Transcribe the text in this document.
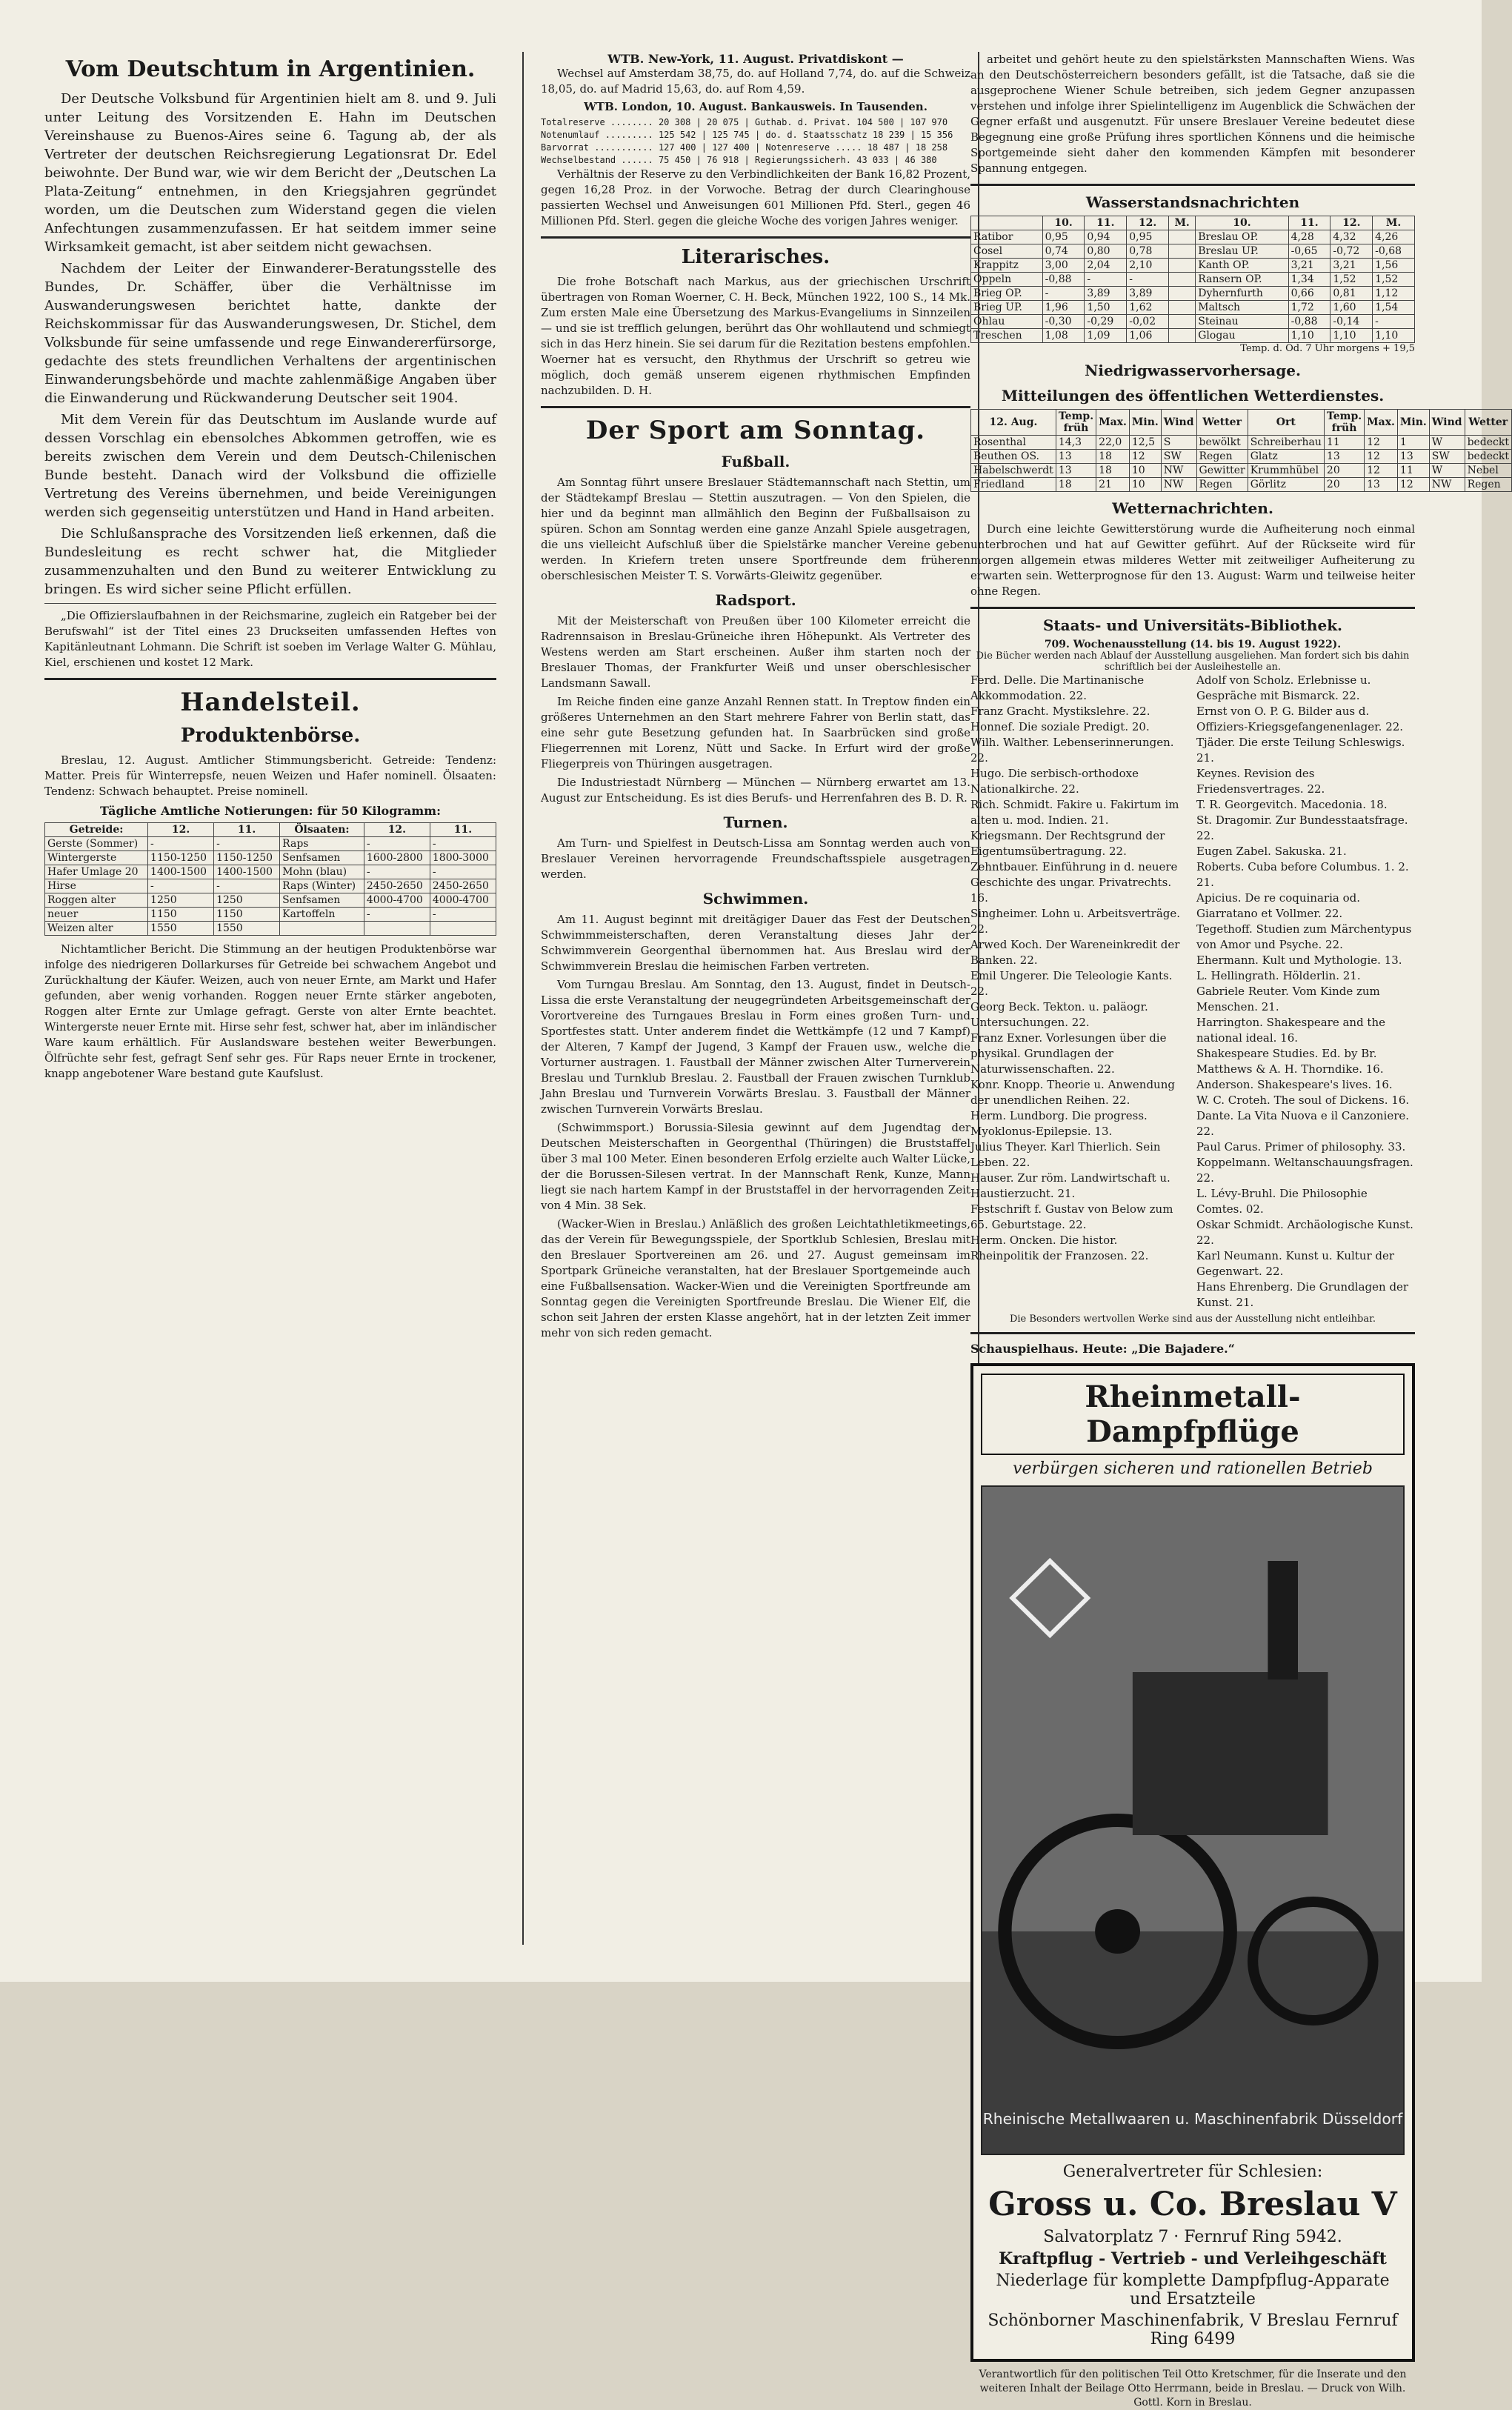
Vom Deutschtum in Argentinien.

Der Deutsche Volksbund für Argentinien hielt am 8. und 9. Juli unter Leitung des Vorsitzenden E. Hahn im Deutschen Vereinshause zu Buenos-Aires seine 6. Tagung ab, der als Vertreter der deutschen Reichsregierung Legationsrat Dr. Edel beiwohnte. Der Bund war, wie wir dem Bericht der „Deutschen La Plata-Zeitung“ entnehmen, in den Kriegsjahren gegründet worden, um die Deutschen zum Widerstand gegen die vielen Anfechtungen zusammenzufassen. Er hat seitdem immer seine Wirksamkeit gemacht, ist aber seitdem nicht gewachsen.

Nachdem der Leiter der Einwanderer-Beratungsstelle des Bundes, Dr. Schäffer, über die Verhältnisse im Auswanderungswesen berichtet hatte, dankte der Reichskommissar für das Auswanderungswesen, Dr. Stichel, dem Volksbunde für seine umfassende und rege Einwandererfürsorge, gedachte des stets freundlichen Verhaltens der argentinischen Einwanderungsbehörde und machte zahlenmäßige Angaben über die Einwanderung und Rückwanderung Deutscher seit 1904.

Mit dem Verein für das Deutschtum im Auslande wurde auf dessen Vorschlag ein ebensolches Abkommen getroffen, wie es bereits zwischen dem Verein und dem Deutsch-Chilenischen Bunde besteht. Danach wird der Volksbund die offizielle Vertretung des Vereins übernehmen, und beide Vereinigungen werden sich gegenseitig unterstützen und Hand in Hand arbeiten.

Die Schlußansprache des Vorsitzenden ließ erkennen, daß die Bundesleitung es recht schwer hat, die Mitglieder zusammenzuhalten und den Bund zu weiterer Entwicklung zu bringen. Es wird sicher seine Pflicht erfüllen.

„Die Offizierslaufbahnen in der Reichsmarine, zugleich ein Ratgeber bei der Berufswahl“ ist der Titel eines 23 Druckseiten umfassenden Heftes von Kapitänleutnant Lohmann. Die Schrift ist soeben im Verlage Walter G. Mühlau, Kiel, erschienen und kostet 12 Mark.

Handelsteil.
Produktenbörse.

Breslau, 12. August. Amtlicher Stimmungsbericht. Getreide: Tendenz: Matter. Preis für Winterrepsfe, neuen Weizen und Hafer nominell. Ölsaaten: Tendenz: Schwach behauptet. Preise nominell.

Tägliche Amtliche Notierungen: für 50 Kilogramm:
Getreide:	12.	11.	Ölsaaten:	12.	11.
Gerste (Sommer)	-	-	Raps	-	-
Wintergerste	1150-1250	1150-1250	Senfsamen	1600-2800	1800-3000
Hafer Umlage 20	1400-1500	1400-1500	Mohn (blau)	-	-
Hirse	-	-	Raps (Winter)	2450-2650	2450-2650
Roggen alter	1250	1250	Senfsamen	4000-4700	4000-4700
neuer	1150	1150	Kartoffeln	-	-
Weizen alter	1550	1550			

Nichtamtlicher Bericht. Die Stimmung an der heutigen Produktenbörse war infolge des niedrigeren Dollarkurses für Getreide bei schwachem Angebot und Zurückhaltung der Käufer. Weizen, auch von neuer Ernte, am Markt und Hafer gefunden, aber wenig vorhanden. Roggen neuer Ernte stärker angeboten, Roggen alter Ernte zur Umlage gefragt. Gerste von alter Ernte beachtet. Wintergerste neuer Ernte mit. Hirse sehr fest, schwer hat, aber im inländischer Ware kaum erhältlich. Für Auslandsware bestehen weiter Bewerbungen. Ölfrüchte sehr fest, gefragt Senf sehr ges. Für Raps neuer Ernte in trockener, knapp angebotener Ware bestand gute Kaufslust.

WTB. New-York, 11. August. Privatdiskont —

Wechsel auf Amsterdam 38,75, do. auf Holland 7,74, do. auf die Schweiz 18,05, do. auf Madrid 15,63, do. auf Rom 4,59.

WTB. London, 10. August. Bankausweis. In Tausenden.
Totalreserve ........ 20 308 | 20 075 | Guthab. d. Privat. 104 500 | 107 970
Notenumlauf ......... 125 542 | 125 745 | do. d. Staatsschatz 18 239 | 15 356
Barvorrat ........... 127 400 | 127 400 | Notenreserve ..... 18 487 | 18 258
Wechselbestand ...... 75 450 | 76 918 | Regierungssicherh. 43 033 | 46 380

Verhältnis der Reserve zu den Verbindlichkeiten der Bank 16,82 Prozent, gegen 16,28 Proz. in der Vorwoche. Betrag der durch Clearinghouse passierten Wechsel und Anweisungen 601 Millionen Pfd. Sterl., gegen 46 Millionen Pfd. Sterl. gegen die gleiche Woche des vorigen Jahres weniger.

Literarisches.

Die frohe Botschaft nach Markus, aus der griechischen Urschrift übertragen von Roman Woerner, C. H. Beck, München 1922, 100 S., 14 Mk. Zum ersten Male eine Übersetzung des Markus-Evangeliums in Sinnzeilen — und sie ist trefflich gelungen, berührt das Ohr wohllautend und schmiegt sich in das Herz hinein. Sie sei darum für die Rezitation bestens empfohlen. Woerner hat es versucht, den Rhythmus der Urschrift so getreu wie möglich, doch gemäß unserem eigenen rhythmischen Empfinden nachzubilden. D. H.

Der Sport am Sonntag.
Fußball.

Am Sonntag führt unsere Breslauer Städtemannschaft nach Stettin, um der Städtekampf Breslau — Stettin auszutragen. — Von den Spielen, die hier und da beginnt man allmählich den Beginn der Fußballsaison zu spüren. Schon am Sonntag werden eine ganze Anzahl Spiele ausgetragen, die uns vielleicht Aufschluß über die Spielstärke mancher Vereine geben werden. In Kriefern treten unsere Sportfreunde dem früheren oberschlesischen Meister T. S. Vorwärts-Gleiwitz gegenüber.

Radsport.

Mit der Meisterschaft von Preußen über 100 Kilometer erreicht die Radrennsaison in Breslau-Grüneiche ihren Höhepunkt. Als Vertreter des Westens werden am Start erscheinen. Außer ihm starten noch der Breslauer Thomas, der Frankfurter Weiß und unser oberschlesischer Landsmann Sawall.

Im Reiche finden eine ganze Anzahl Rennen statt. In Treptow finden ein größeres Unternehmen an den Start mehrere Fahrer von Berlin statt, das eine sehr gute Besetzung gefunden hat. In Saarbrücken sind große Fliegerrennen mit Lorenz, Nütt und Sacke. In Erfurt wird der große Fliegerpreis von Thüringen ausgetragen.

Die Industriestadt Nürnberg — München — Nürnberg erwartet am 13. August zur Entscheidung. Es ist dies Berufs- und Herrenfahren des B. D. R.

Turnen.

Am Turn- und Spielfest in Deutsch-Lissa am Sonntag werden auch von Breslauer Vereinen hervorragende Freundschaftsspiele ausgetragen werden.

Schwimmen.

Am 11. August beginnt mit dreitägiger Dauer das Fest der Deutschen Schwimmmeisterschaften, deren Veranstaltung dieses Jahr der Schwimmverein Georgenthal übernommen hat. Aus Breslau wird der Schwimmverein Breslau die heimischen Farben vertreten.

Vom Turngau Breslau. Am Sonntag, den 13. August, findet in Deutsch-Lissa die erste Veranstaltung der neugegründeten Arbeitsgemeinschaft der Vorortvereine des Turngaues Breslau in Form eines großen Turn- und Sportfestes statt. Unter anderem findet die Wettkämpfe (12 und 7 Kampf) der Alteren, 7 Kampf der Jugend, 3 Kampf der Frauen usw., welche die Vorturner austragen. 1. Faustball der Männer zwischen Alter Turnerverein Breslau und Turnklub Breslau. 2. Faustball der Frauen zwischen Turnklub Jahn Breslau und Turnverein Vorwärts Breslau. 3. Faustball der Männer zwischen Turnverein Vorwärts Breslau.

(Schwimmsport.) Borussia-Silesia gewinnt auf dem Jugendtag der Deutschen Meisterschaften in Georgenthal (Thüringen) die Bruststaffel über 3 mal 100 Meter. Einen besonderen Erfolg erzielte auch Walter Lücke, der die Borussen-Silesen vertrat. In der Mannschaft Renk, Kunze, Mann liegt sie nach hartem Kampf in der Bruststaffel in der hervorragenden Zeit von 4 Min. 38 Sek.

(Wacker-Wien in Breslau.) Anläßlich des großen Leichtathletikmeetings, das der Verein für Bewegungsspiele, der Sportklub Schlesien, Breslau mit den Breslauer Sportvereinen am 26. und 27. August gemeinsam im Sportpark Grüneiche veranstalten, hat der Breslauer Sportgemeinde auch eine Fußballsensation. Wacker-Wien und die Vereinigten Sportfreunde am Sonntag gegen die Vereinigten Sportfreunde Breslau. Die Wiener Elf, die schon seit Jahren der ersten Klasse angehört, hat in der letzten Zeit immer mehr von sich reden gemacht.

arbeitet und gehört heute zu den spielstärksten Mannschaften Wiens. Was an den Deutschösterreichern besonders gefällt, ist die Tatsache, daß sie die ausgeprochene Wiener Schule betreiben, sich jedem Gegner anzupassen verstehen und infolge ihrer Spielintelligenz im Augenblick die Schwächen der Gegner erfaßt und ausgenutzt. Für unsere Breslauer Vereine bedeutet diese Begegnung eine große Prüfung ihres sportlichen Könnens und die heimische Sportgemeinde sieht daher den kommenden Kämpfen mit besonderer Spannung entgegen.

Wasserstandsnachrichten
	10.	11.	12.	M.	10.	11.	12.	M.
Ratibor	0,95	0,94	0,95		Breslau OP.	4,28	4,32	4,26
Cosel	0,74	0,80	0,78		Breslau UP.	-0,65	-0,72	-0,68
Krappitz	3,00	2,04	2,10		Kanth OP.	3,21	3,21	1,56
Oppeln	-0,88	-	-		Ransern OP.	1,34	1,52	1,52
Brieg OP.	-	3,89	3,89		Dyhernfurth	0,66	0,81	1,12
Brieg UP.	1,96	1,50	1,62		Maltsch	1,72	1,60	1,54
Ohlau	-0,30	-0,29	-0,02		Steinau	-0,88	-0,14	-
Treschen	1,08	1,09	1,06		Glogau	1,10	1,10	1,10
Temp. d. Od. 7 Uhr morgens + 19,5
Niedrigwasservorhersage.
Mitteilungen des öffentlichen Wetterdienstes.
12. Aug.	Temp. früh	Max.	Min.	Wind	Wetter	Ort	Temp. früh	Max.	Min.	Wind	Wetter
Rosenthal	14,3	22,0	12,5	S	bewölkt	Schreiberhau	11	12	1	W	bedeckt
Beuthen OS.	13	18	12	SW	Regen	Glatz	13	12	13	SW	bedeckt
Habelschwerdt	13	18	10	NW	Gewitter	Krummhübel	20	12	11	W	Nebel
Friedland	18	21	10	NW	Regen	Görlitz	20	13	12	NW	Regen
Wetternachrichten.

Durch eine leichte Gewitterstörung wurde die Aufheiterung noch einmal unterbrochen und hat auf Gewitter geführt. Auf der Rückseite wird für morgen allgemein etwas milderes Wetter mit zeitweiliger Aufheiterung zu erwarten sein. Wetterprognose für den 13. August: Warm und teilweise heiter ohne Regen.

Staats- und Universitäts-Bibliothek.
709. Wochenausstellung (14. bis 19. August 1922).
Die Bücher werden nach Ablauf der Ausstellung ausgeliehen. Man fordert sich bis dahin schriftlich bei der Ausleihestelle an.
Ferd. Delle. Die Martinanische Akkommodation. 22.
Franz Gracht. Mystikslehre. 22.
Honnef. Die soziale Predigt. 20.
Wilh. Walther. Lebenserinnerungen. 22.
Hugo. Die serbisch-orthodoxe Nationalkirche. 22.
Rich. Schmidt. Fakire u. Fakirtum im alten u. mod. Indien. 21.
Kriegsmann. Der Rechtsgrund der Eigentumsübertragung. 22.
Zehntbauer. Einführung in d. neuere Geschichte des ungar. Privatrechts. 16.
Singheimer. Lohn u. Arbeitsverträge. 22.
Arwed Koch. Der Wareneinkredit der Banken. 22.
Emil Ungerer. Die Teleologie Kants. 22.
Georg Beck. Tekton. u. paläogr. Untersuchungen. 22.
Franz Exner. Vorlesungen über die physikal. Grundlagen der Naturwissenschaften. 22.
Konr. Knopp. Theorie u. Anwendung der unendlichen Reihen. 22.
Herm. Lundborg. Die progress. Myoklonus-Epilepsie. 13.
Julius Theyer. Karl Thierlich. Sein Leben. 22.
Hauser. Zur röm. Landwirtschaft u. Haustierzucht. 21.
Festschrift f. Gustav von Below zum 65. Geburtstage. 22.
Herm. Oncken. Die histor. Rheinpolitik der Franzosen. 22.
Adolf von Scholz. Erlebnisse u. Gespräche mit Bismarck. 22.
Ernst von O. P. G. Bilder aus d. Offiziers-Kriegsgefangenenlager. 22.
Tjäder. Die erste Teilung Schleswigs. 21.
Keynes. Revision des Friedensvertrages. 22.
T. R. Georgevitch. Macedonia. 18.
St. Dragomir. Zur Bundesstaatsfrage. 22.
Eugen Zabel. Sakuska. 21.
Roberts. Cuba before Columbus. 1. 2. 21.
Apicius. De re coquinaria od. Giarratano et Vollmer. 22.
Tegethoff. Studien zum Märchentypus von Amor und Psyche. 22.
Ehermann. Kult und Mythologie. 13.
L. Hellingrath. Hölderlin. 21.
Gabriele Reuter. Vom Kinde zum Menschen. 21.
Harrington. Shakespeare and the national ideal. 16.
Shakespeare Studies. Ed. by Br. Matthews & A. H. Thorndike. 16.
Anderson. Shakespeare's lives. 16.
W. C. Croteh. The soul of Dickens. 16.
Dante. La Vita Nuova e il Canzoniere. 22.
Paul Carus. Primer of philosophy. 33.
Koppelmann. Weltanschauungsfragen. 22.
L. Lévy-Bruhl. Die Philosophie Comtes. 02.
Oskar Schmidt. Archäologische Kunst. 22.
Karl Neumann. Kunst u. Kultur der Gegenwart. 22.
Hans Ehrenberg. Die Grundlagen der Kunst. 21.
Die Besonders wertvollen Werke sind aus der Ausstellung nicht entleihbar.
Schauspielhaus. Heute: „Die Bajadere.“
Rheinmetall-Dampfpflüge
verbürgen sicheren und rationellen Betrieb
Rheinische Metallwaaren u. Maschinenfabrik Düsseldorf
Generalvertreter für Schlesien:
Gross u. Co. Breslau V
Salvatorplatz 7 · Fernruf Ring 5942.
Kraftpflug - Vertrieb - und Verleihgeschäft
Niederlage für komplette Dampfpflug-Apparate und Ersatzteile
Schönborner Maschinenfabrik, V Breslau Fernruf Ring 6499
Verantwortlich für den politischen Teil Otto Kretschmer, für die Inserate und den weiteren Inhalt der Beilage Otto Herrmann, beide in Breslau. — Druck von Wilh. Gottl. Korn in Breslau.
